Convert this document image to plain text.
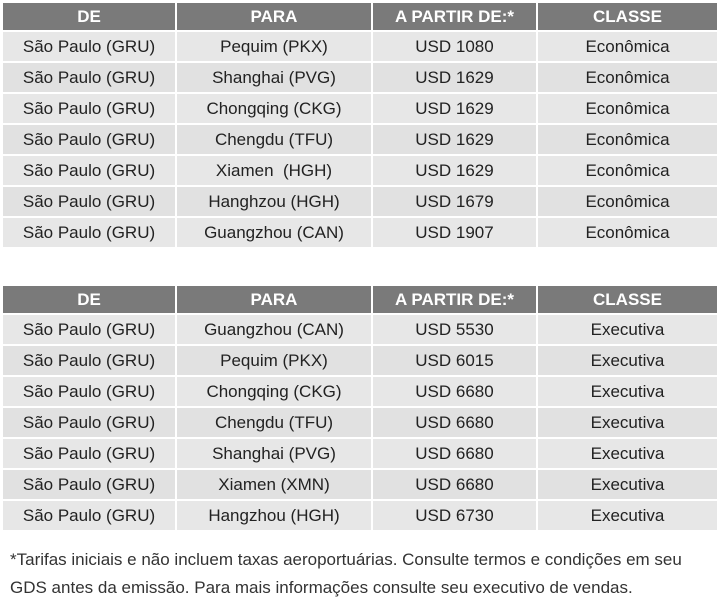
DE	PARA	A PARTIR DE:*	CLASSE
São Paulo (GRU)	Pequim (PKX)	USD 1080	Econômica
São Paulo (GRU)	Shanghai (PVG)	USD 1629	Econômica
São Paulo (GRU)	Chongqing (CKG)	USD 1629	Econômica
São Paulo (GRU)	Chengdu (TFU)	USD 1629	Econômica
São Paulo (GRU)	Xiamen  (HGH)	USD 1629	Econômica
São Paulo (GRU)	Hanghzou (HGH)	USD 1679	Econômica
São Paulo (GRU)	Guangzhou (CAN)	USD 1907	Econômica
DE	PARA	A PARTIR DE:*	CLASSE
São Paulo (GRU)	Guangzhou (CAN)	USD 5530	Executiva
São Paulo (GRU)	Pequim (PKX)	USD 6015	Executiva
São Paulo (GRU)	Chongqing (CKG)	USD 6680	Executiva
São Paulo (GRU)	Chengdu (TFU)	USD 6680	Executiva
São Paulo (GRU)	Shanghai (PVG)	USD 6680	Executiva
São Paulo (GRU)	Xiamen (XMN)	USD 6680	Executiva
São Paulo (GRU)	Hangzhou (HGH)	USD 6730	Executiva

*Tarifas iniciais e não incluem taxas aeroportuárias. Consulte termos e condições em seu GDS antes da emissão. Para mais informações consulte seu executivo de vendas.
